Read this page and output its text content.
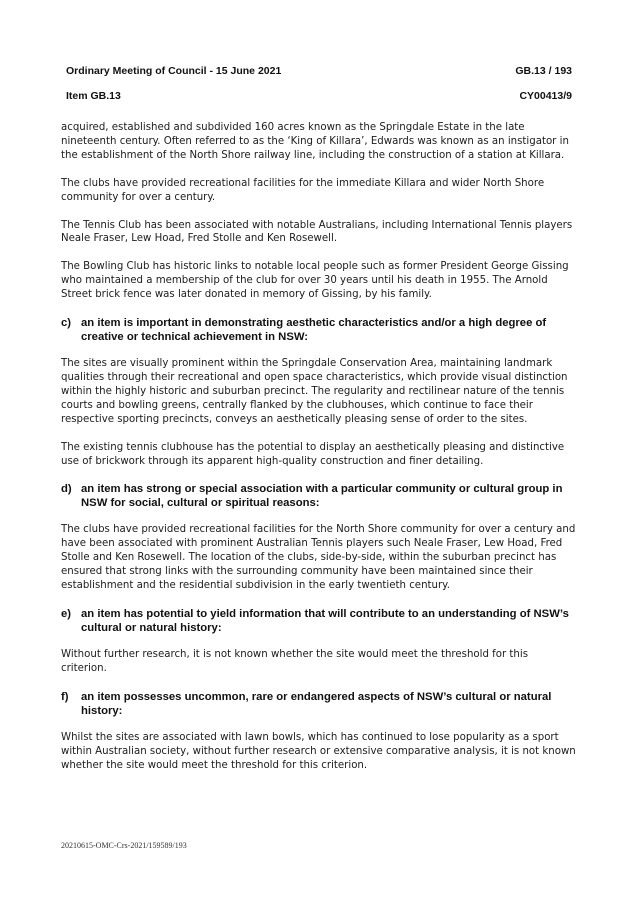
Ordinary Meeting of Council - 15 June 2021	GB.13 / 193
Item GB.13	CY00413/9

acquired, established and subdivided 160 acres known as the Springdale Estate in the late nineteenth century. Often referred to as the ‘King of Killara’, Edwards was known as an instigator in the establishment of the North Shore railway line, including the construction of a station at Killara.

The clubs have provided recreational facilities for the immediate Killara and wider North Shore community for over a century.

The Tennis Club has been associated with notable Australians, including International Tennis players Neale Fraser, Lew Hoad, Fred Stolle and Ken Rosewell.

The Bowling Club has historic links to notable local people such as former President George Gissing who maintained a membership of the club for over 30 years until his death in 1955. The Arnold Street brick fence was later donated in memory of Gissing, by his family.

c) an item is important in demonstrating aesthetic characteristics and/or a high degree of creative or technical achievement in NSW:

The sites are visually prominent within the Springdale Conservation Area, maintaining landmark qualities through their recreational and open space characteristics, which provide visual distinction within the highly historic and suburban precinct. The regularity and rectilinear nature of the tennis courts and bowling greens, centrally flanked by the clubhouses, which continue to face their respective sporting precincts, conveys an aesthetically pleasing sense of order to the sites.

The existing tennis clubhouse has the potential to display an aesthetically pleasing and distinctive use of brickwork through its apparent high-quality construction and finer detailing.

d) an item has strong or special association with a particular community or cultural group in NSW for social, cultural or spiritual reasons:

The clubs have provided recreational facilities for the North Shore community for over a century and have been associated with prominent Australian Tennis players such Neale Fraser, Lew Hoad, Fred Stolle and Ken Rosewell. The location of the clubs, side-by-side, within the suburban precinct has ensured that strong links with the surrounding community have been maintained since their establishment and the residential subdivision in the early twentieth century.

e) an item has potential to yield information that will contribute to an understanding of NSW’s cultural or natural history:

Without further research, it is not known whether the site would meet the threshold for this criterion.

f)	an item possesses uncommon, rare or endangered aspects of NSW’s cultural or natural history:

Whilst the sites are associated with lawn bowls, which has continued to lose popularity as a sport within Australian society, without further research or extensive comparative analysis, it is not known whether the site would meet the threshold for this criterion.

20210615-OMC-Crs-2021/159589/193
